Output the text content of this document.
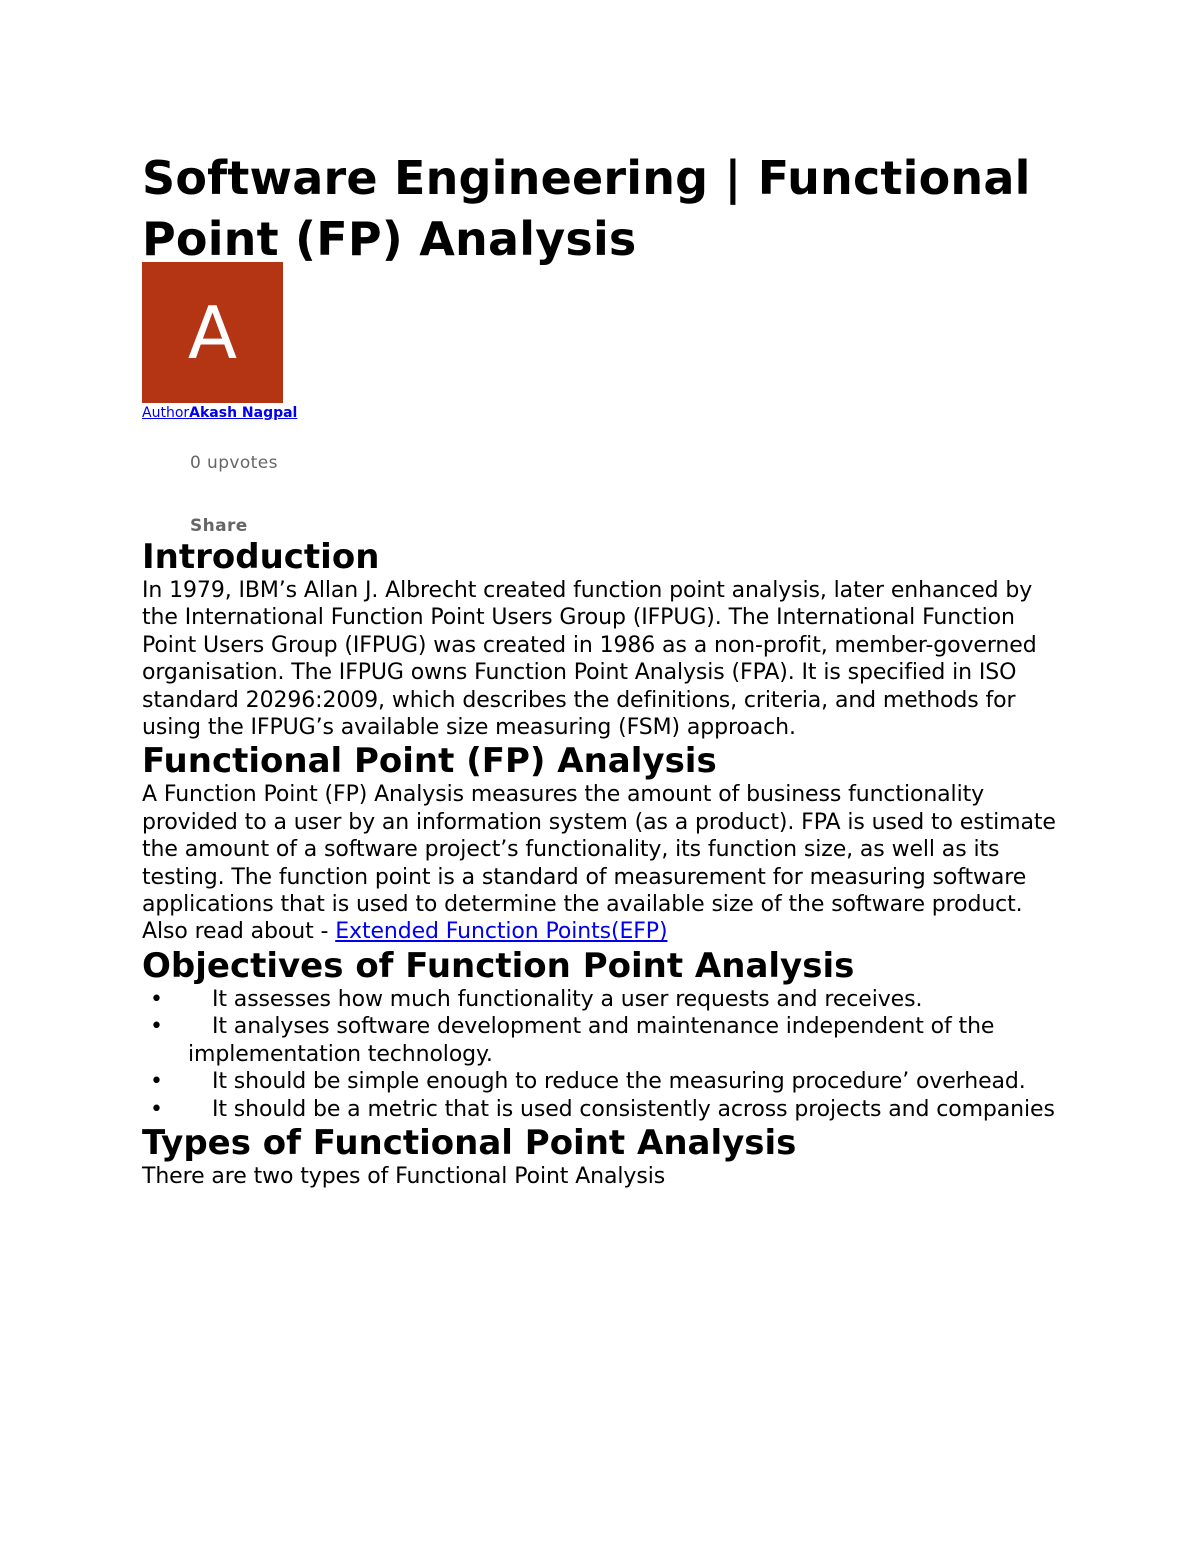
Software Engineering | Functional Point (FP) Analysis
A
AuthorAkash Nagpal
0 upvotes
Share
Introduction

In 1979, IBM’s Allan J. Albrecht created function point analysis, later enhanced by the International Function Point Users Group (IFPUG). The International Function Point Users Group (IFPUG) was created in 1986 as a non-profit, member-governed organisation. The IFPUG owns Function Point Analysis (FPA). It is specified in ISO standard 20296:2009, which describes the definitions, criteria, and methods for using the IFPUG’s available size measuring (FSM) approach.

Functional Point (FP) Analysis

A Function Point (FP) Analysis measures the amount of business functionality provided to a user by an information system (as a product). FPA is used to estimate the amount of a software project’s functionality, its function size, as well as its testing. The function point is a standard of measurement for measuring software applications that is used to determine the available size of the software product.

Also read about - Extended Function Points(EFP)

Objectives of Function Point Analysis
•	It assesses how much functionality a user requests and receives.
•	It analyses software development and maintenance independent of the implementation technology.
•	It should be simple enough to reduce the measuring procedure’ overhead.
•	It should be a metric that is used consistently across projects and companies
Types of Functional Point Analysis

There are two types of Functional Point Analysis
